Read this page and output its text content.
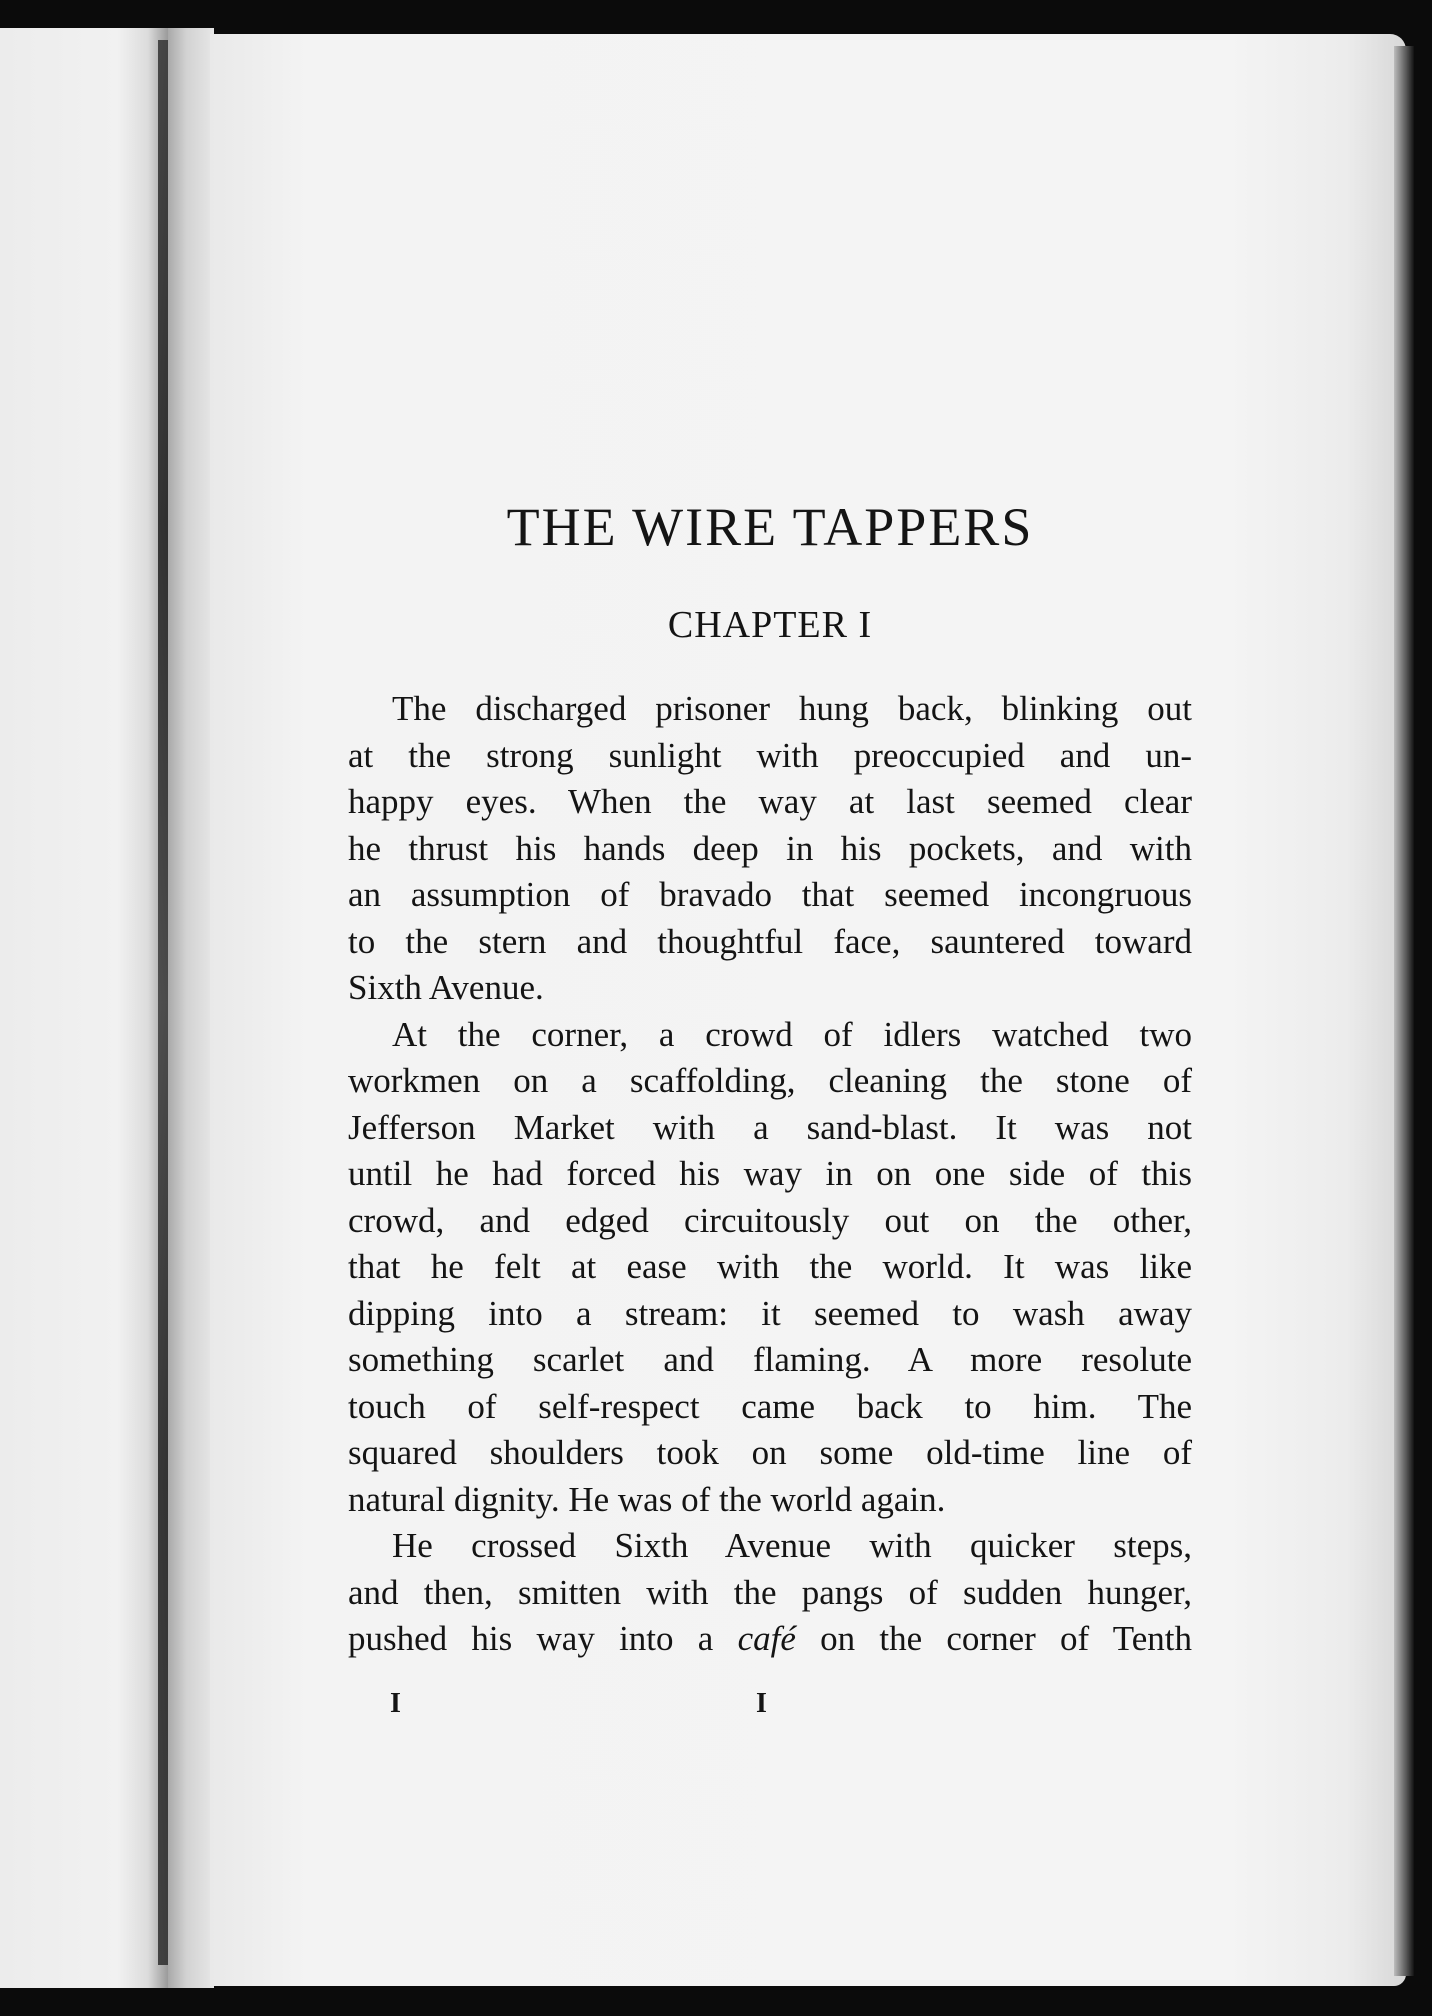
THE WIRE TAPPERS
CHAPTER I

The discharged prisoner hung back, blinking out
at the strong sunlight with preoccupied and un-
happy eyes. When the way at last seemed clear
he thrust his hands deep in his pockets, and with
an assumption of bravado that seemed incongruous
to the stern and thoughtful face, sauntered toward
Sixth Avenue.

At the corner, a crowd of idlers watched two
workmen on a scaffolding, cleaning the stone of
Jefferson Market with a sand-blast. It was not
until he had forced his way in on one side of this
crowd, and edged circuitously out on the other,
that he felt at ease with the world. It was like
dipping into a stream: it seemed to wash away
something scarlet and flaming. A more resolute
touch of self-respect came back to him. The
squared shoulders took on some old-time line of
natural dignity. He was of the world again.

He crossed Sixth Avenue with quicker steps,
and then, smitten with the pangs of sudden hunger,
pushed his way into a café on the corner of Tenth

I	I
